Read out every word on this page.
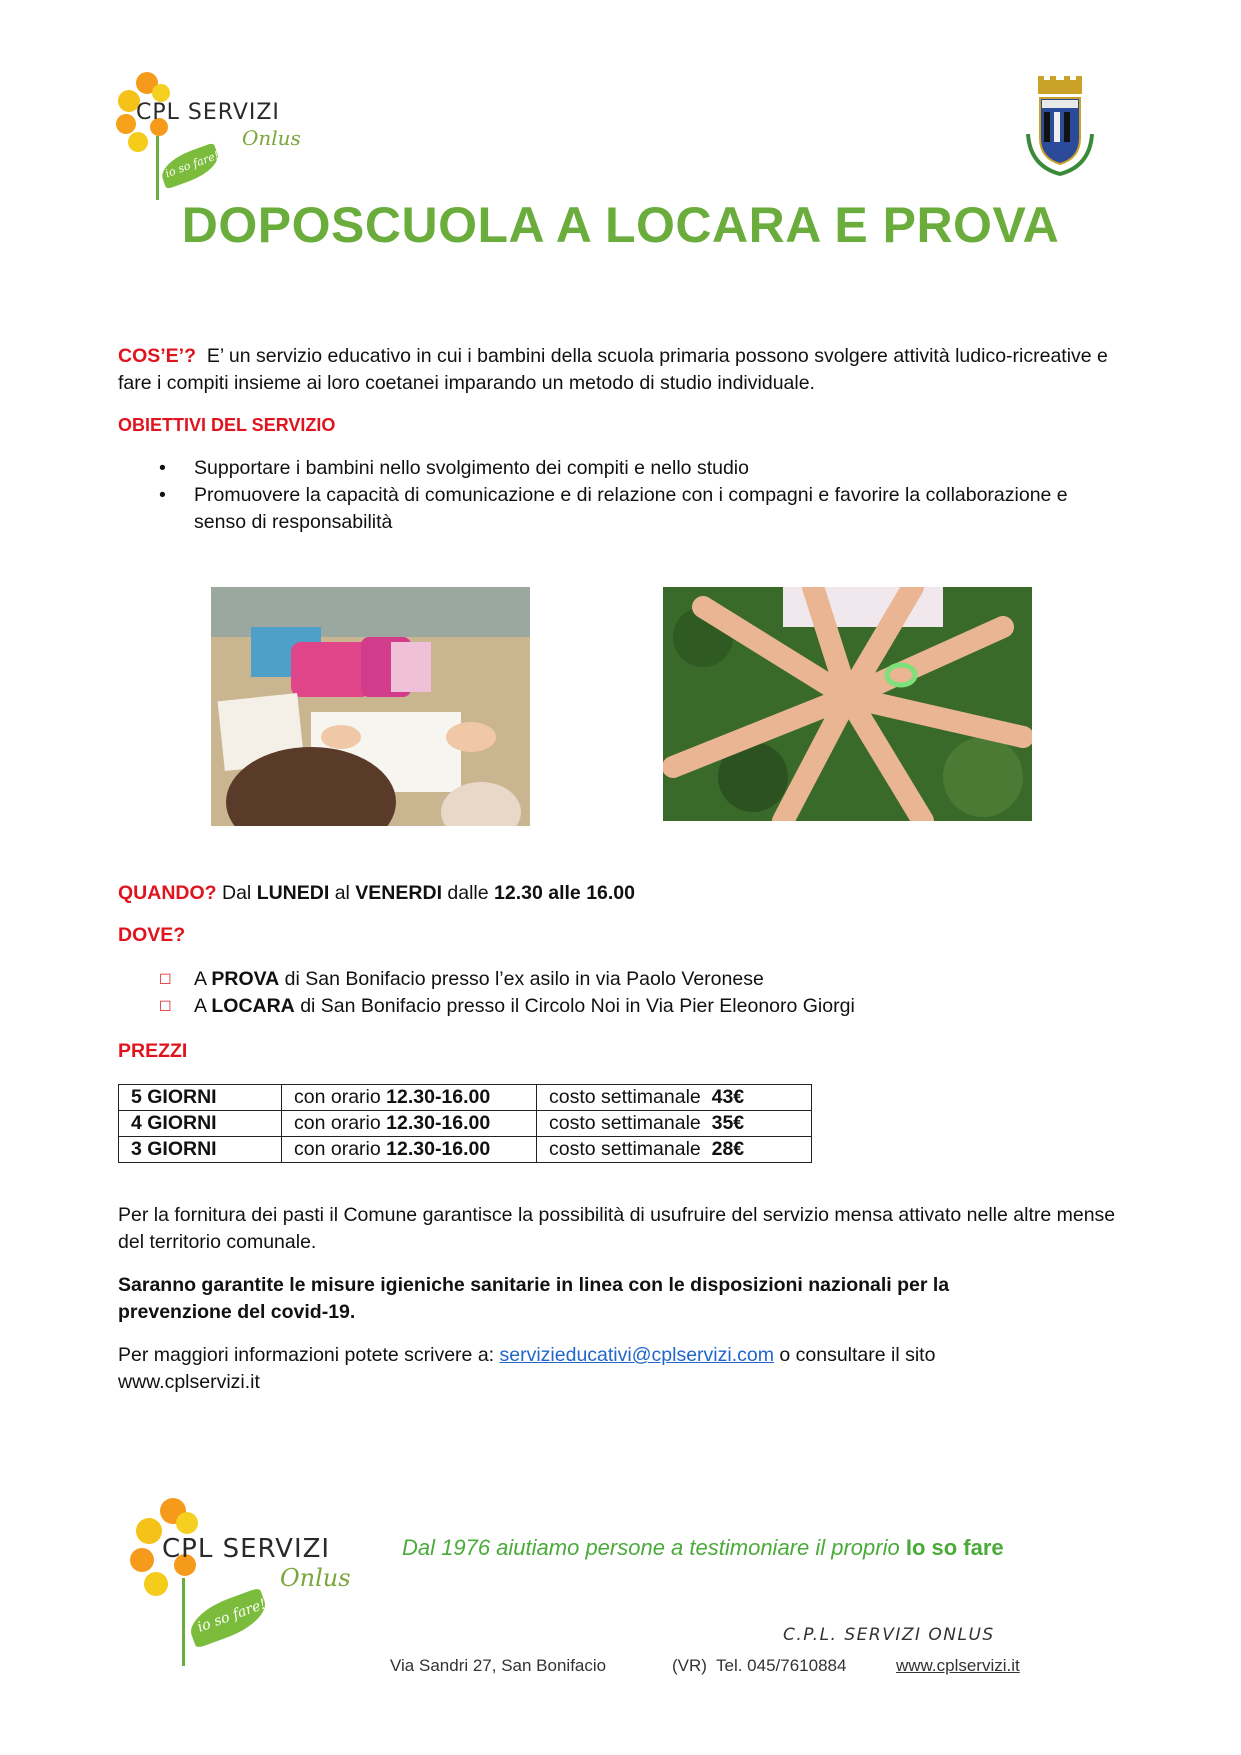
io so fare!
CPL SERVIZI
Onlus
DOPOSCUOLA A LOCARA E PROVA
COS’E’? E’ un servizio educativo in cui i bambini della scuola primaria possono svolgere attività ludico-ricreative e fare i compiti insieme ai loro coetanei imparando un metodo di studio individuale.
OBIETTIVI DEL SERVIZIO
• Supportare i bambini nello svolgimento dei compiti e nello studio
• Promuovere la capacità di comunicazione e di relazione con i compagni e favorire la collaborazione e senso di responsabilità
QUANDO? Dal LUNEDI al VENERDI dalle 12.30 alle 16.00
DOVE?
☐ A PROVA di San Bonifacio presso l’ex asilo in via Paolo Veronese
☐ A LOCARA di San Bonifacio presso il Circolo Noi in Via Pier Eleonoro Giorgi
PREZZI
5 GIORNI	con orario 12.30-16.00	costo settimanale  43€
4 GIORNI	con orario 12.30-16.00	costo settimanale  35€
3 GIORNI	con orario 12.30-16.00	costo settimanale  28€
Per la fornitura dei pasti il Comune garantisce la possibilità di usufruire del servizio mensa attivato nelle altre mense del territorio comunale.
Saranno garantite le misure igieniche sanitarie in linea con le disposizioni nazionali per la prevenzione del covid-19.
Per maggiori informazioni potete scrivere a: servizieducativi@cplservizi.com o consultare il sito
www.cplservizi.it
io so fare!
CPL SERVIZI
Onlus
Dal 1976 aiutiamo persone a testimoniare il proprio Io so fare
C.P.L. SERVIZI ONLUS
Via Sandri 27, San Bonifacio	(VR) Tel. 045/7610884	www.cplservizi.it
